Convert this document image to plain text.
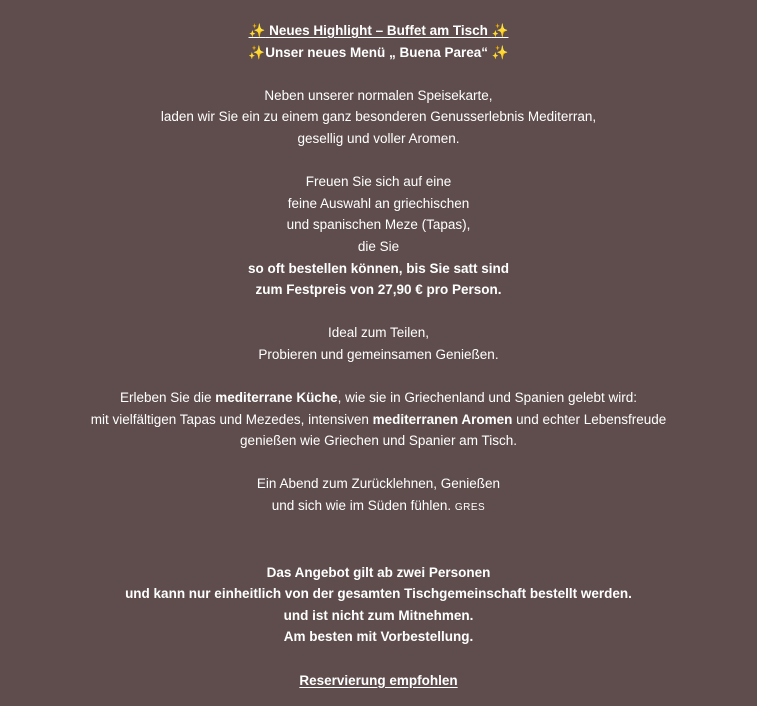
✨ Neues Highlight – Buffet am Tisch ✨
✨Unser neues Menü „ Buena Parea“ ✨
Neben unserer normalen Speisekarte,
laden wir Sie ein zu einem ganz besonderen Genusserlebnis Mediterran,
gesellig und voller Aromen.
Freuen Sie sich auf eine
feine Auswahl an griechischen
und spanischen Meze (Tapas),
die Sie
so oft bestellen können, bis Sie satt sind
zum Festpreis von 27,90 € pro Person.
Ideal zum Teilen,
Probieren und gemeinsamen Genießen.
Erleben Sie die mediterrane Küche, wie sie in Griechenland und Spanien gelebt wird:
mit vielfältigen Tapas und Mezedes, intensiven mediterranen Aromen und echter Lebensfreude
genießen wie Griechen und Spanier am Tisch.
Ein Abend zum Zurücklehnen, Genießen
und sich wie im Süden fühlen. GRES
Das Angebot gilt ab zwei Personen
und kann nur einheitlich von der gesamten Tischgemeinschaft bestellt werden.
und ist nicht zum Mitnehmen.
Am besten mit Vorbestellung.
Reservierung empfohlen
